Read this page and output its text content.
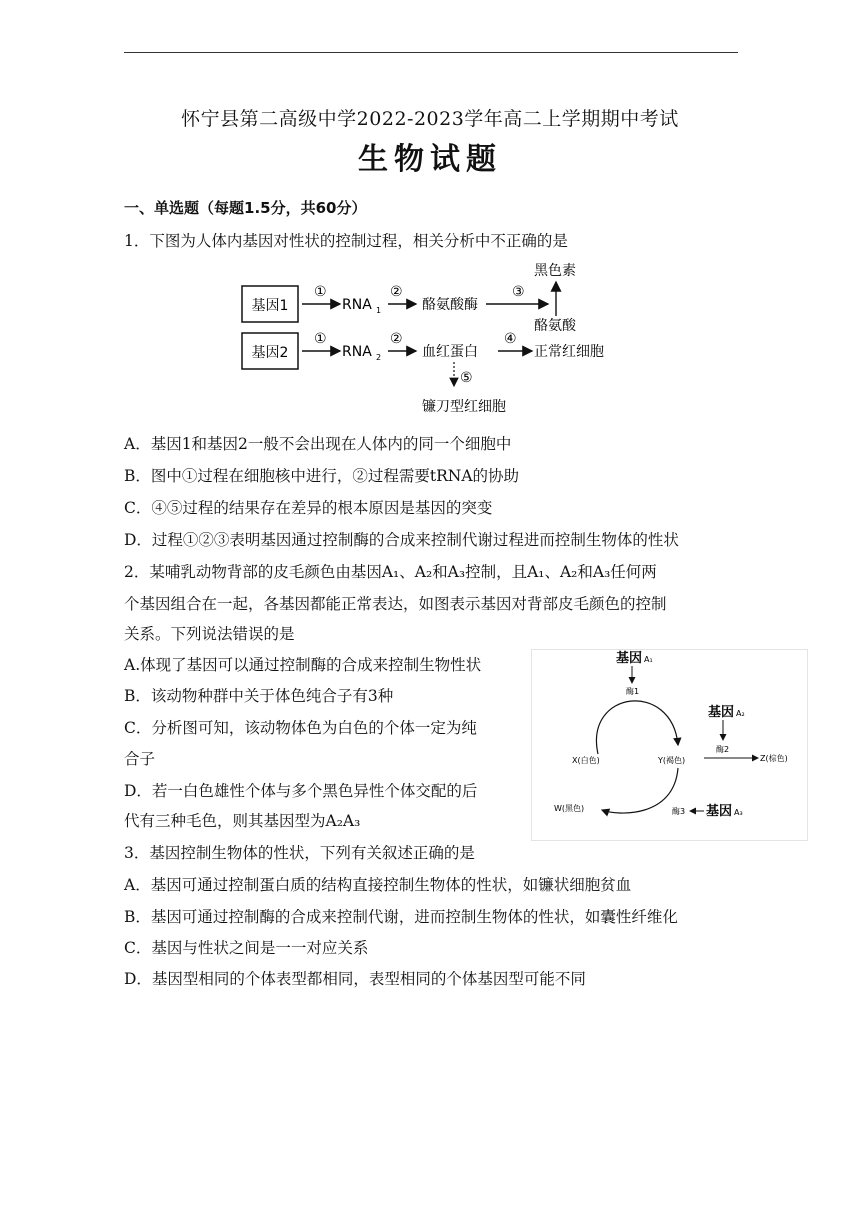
怀宁县第二高级中学2022-2023学年高二上学期期中考试
生物试题
一、单选题（每题1.5分，共60分）
1．下图为人体内基因对性状的控制过程，相关分析中不正确的是
基因1
基因2
①
RNA 1
②
酪氨酸酶
③
黑色素
酪氨酸
①
RNA 2
②
血红蛋白
④
正常红细胞
⑤
镰刀型红细胞
A．基因1和基因2一般不会出现在人体内的同一个细胞中
B．图中①过程在细胞核中进行，②过程需要tRNA的协助
C．④⑤过程的结果存在差异的根本原因是基因的突变
D．过程①②③表明基因通过控制酶的合成来控制代谢过程进而控制生物体的性状
2．某哺乳动物背部的皮毛颜色由基因A₁、A₂和A₃控制，且A₁、A₂和A₃任何两
个基因组合在一起，各基因都能正常表达，如图表示基因对背部皮毛颜色的控制
关系。下列说法错误的是
A.体现了基因可以通过控制酶的合成来控制生物性状
B．该动物种群中关于体色纯合子有3种
C．分析图可知，该动物体色为白色的个体一定为纯
合子
D．若一白色雄性个体与多个黑色异性个体交配的后
代有三种毛色，则其基因型为A₂A₃
基因 A₁
酶1
X(白色)	Y(褐色)
W(黑色)
基因 A₂
酶2
Z(棕色)
基因 A₃
酶3
3．基因控制生物体的性状，下列有关叙述正确的是
A．基因可通过控制蛋白质的结构直接控制生物体的性状，如镰状细胞贫血
B．基因可通过控制酶的合成来控制代谢，进而控制生物体的性状，如囊性纤维化
C．基因与性状之间是一一对应关系
D．基因型相同的个体表型都相同，表型相同的个体基因型可能不同
